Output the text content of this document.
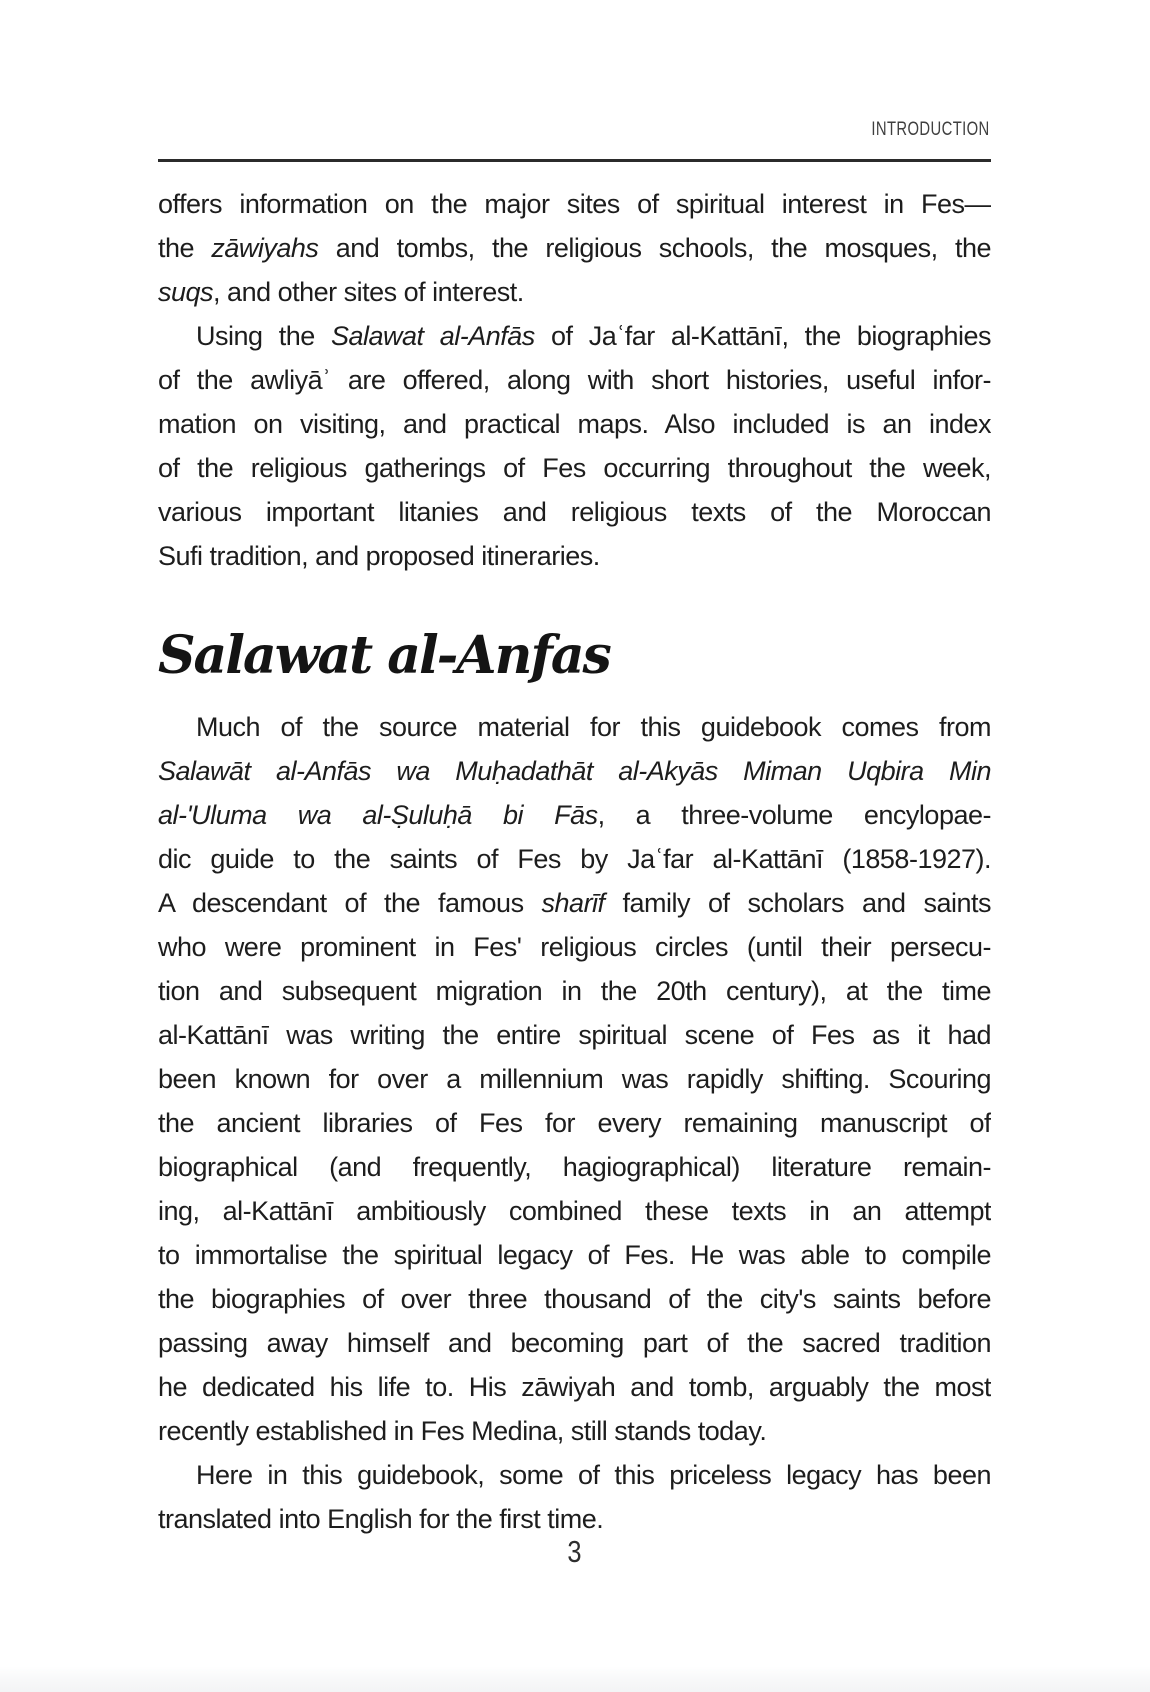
INTRODUCTION
offers information on the major sites of spiritual interest in Fes—
the zāwiyahs and tombs, the religious schools, the mosques, the
suqs, and other sites of interest.
Using the Salawat al-Anfās of Jaʿfar al-Kattānī, the biographies
of the awliyāʾ are offered, along with short histories, useful infor-
mation on visiting, and practical maps. Also included is an index
of the religious gatherings of Fes occurring throughout the week,
various important litanies and religious texts of the Moroccan
Sufi tradition, and proposed itineraries.
Salawat al-Anfas
Much of the source material for this guidebook comes from
Salawāt al-Anfās wa Muḥadathāt al-Akyās Miman Uqbira Min
al-'Uluma wa al-Ṣuluḥā bi Fās, a three-volume encylopae-
dic guide to the saints of Fes by Jaʿfar al-Kattānī (1858-1927).
A descendant of the famous sharīf family of scholars and saints
who were prominent in Fes' religious circles (until their persecu-
tion and subsequent migration in the 20th century), at the time
al-Kattānī was writing the entire spiritual scene of Fes as it had
been known for over a millennium was rapidly shifting. Scouring
the ancient libraries of Fes for every remaining manuscript of
biographical (and frequently, hagiographical) literature remain-
ing, al-Kattānī ambitiously combined these texts in an attempt
to immortalise the spiritual legacy of Fes. He was able to compile
the biographies of over three thousand of the city's saints before
passing away himself and becoming part of the sacred tradition
he dedicated his life to. His zāwiyah and tomb, arguably the most
recently established in Fes Medina, still stands today.
Here in this guidebook, some of this priceless legacy has been
translated into English for the first time.
3
